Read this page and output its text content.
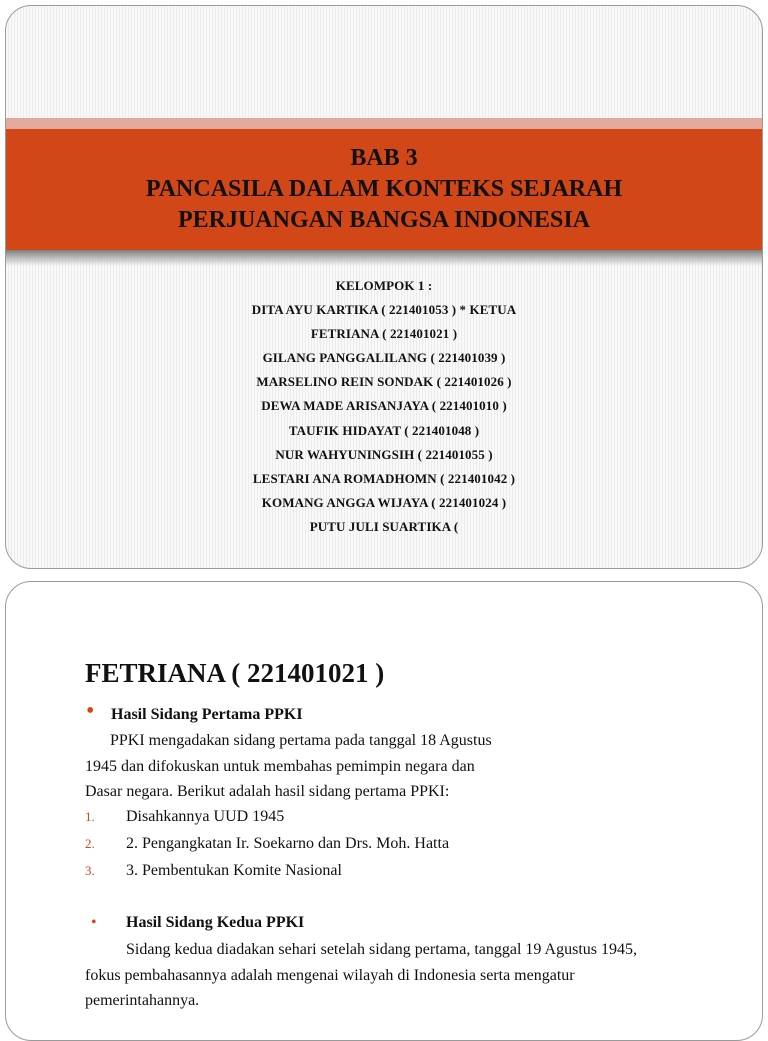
BAB 3
PANCASILA DALAM KONTEKS SEJARAH
PERJUANGAN BANGSA INDONESIA
KELOMPOK 1 :
DITA AYU KARTIKA ( 221401053 ) * KETUA
FETRIANA ( 221401021 )
GILANG PANGGALILANG ( 221401039 )
MARSELINO REIN SONDAK ( 221401026 )
DEWA MADE ARISANJAYA ( 221401010 )
TAUFIK HIDAYAT ( 221401048 )
NUR WAHYUNINGSIH ( 221401055 )
LESTARI ANA ROMADHOMN ( 221401042 )
KOMANG ANGGA WIJAYA ( 221401024 )
PUTU JULI SUARTIKA (
FETRIANA ( 221401021 )
• Hasil Sidang Pertama PPKI
PPKI mengadakan sidang pertama pada tanggal 18 Agustus
1945 dan difokuskan untuk membahas pemimpin negara dan
Dasar negara. Berikut adalah hasil sidang pertama PPKI:
1. Disahkannya UUD 1945
2. 2. Pengangkatan Ir. Soekarno dan Drs. Moh. Hatta
3. 3. Pembentukan Komite Nasional
• Hasil Sidang Kedua PPKI
Sidang kedua diadakan sehari setelah sidang pertama, tanggal 19 Agustus 1945,
fokus pembahasannya adalah mengenai wilayah di Indonesia serta mengatur
pemerintahannya.
